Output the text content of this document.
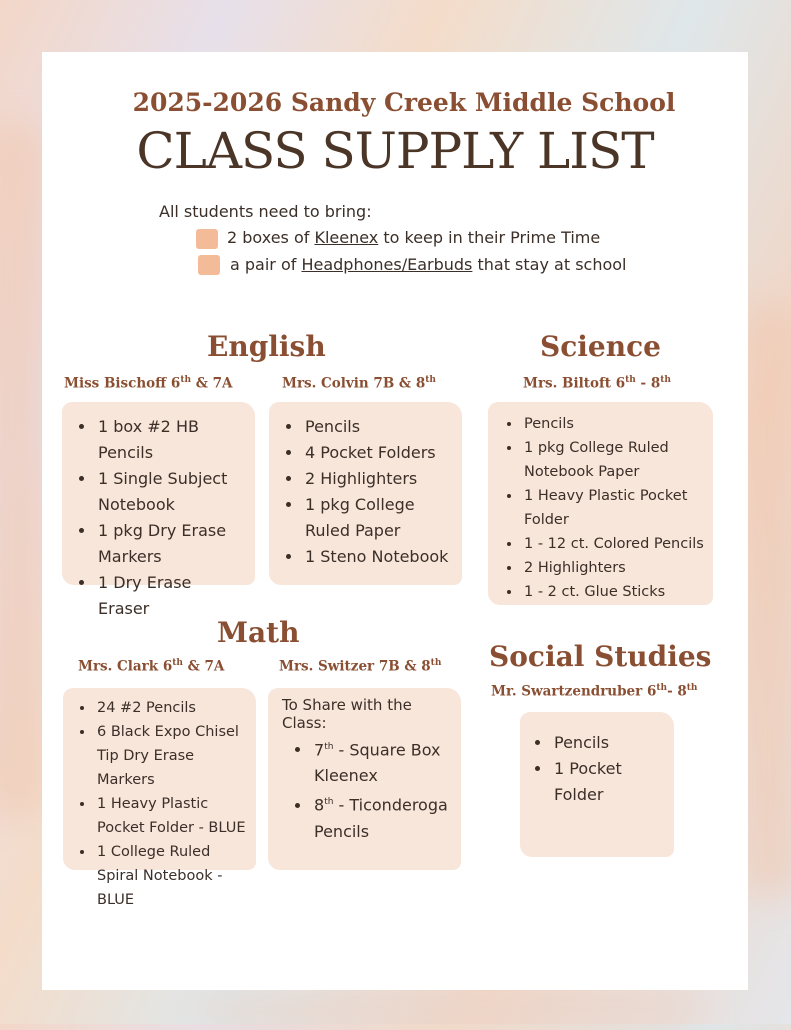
2025-2026 Sandy Creek Middle School
CLASS SUPPLY LIST
All students need to bring:
2 boxes of Kleenex to keep in their Prime Time
a pair of Headphones/Earbuds that stay at school
English
Miss Bischoff 6th & 7A	Mrs. Colvin 7B & 8th
• 1 box #2 HB Pencils
• 1 Single Subject Notebook
• 1 pkg Dry Erase Markers
• 1 Dry Erase Eraser
• Pencils
• 4 Pocket Folders
• 2 Highlighters
• 1 pkg College Ruled Paper
• 1 Steno Notebook
Science
Mrs. Biltoft 6th - 8th
• Pencils
• 1 pkg College Ruled Notebook Paper
• 1 Heavy Plastic Pocket Folder
• 1 - 12 ct. Colored Pencils
• 2 Highlighters
• 1 - 2 ct. Glue Sticks
Math
Mrs. Clark 6th & 7A	Mrs. Switzer 7B & 8th
• 24 #2 Pencils
• 6 Black Expo Chisel Tip Dry Erase Markers
• 1 Heavy Plastic Pocket Folder - BLUE
• 1 College Ruled Spiral Notebook - BLUE
To Share with the Class:
• 7th - Square Box Kleenex
• 8th - Ticonderoga Pencils
Social Studies
Mr. Swartzendruber 6th- 8th
• Pencils
• 1 Pocket Folder
